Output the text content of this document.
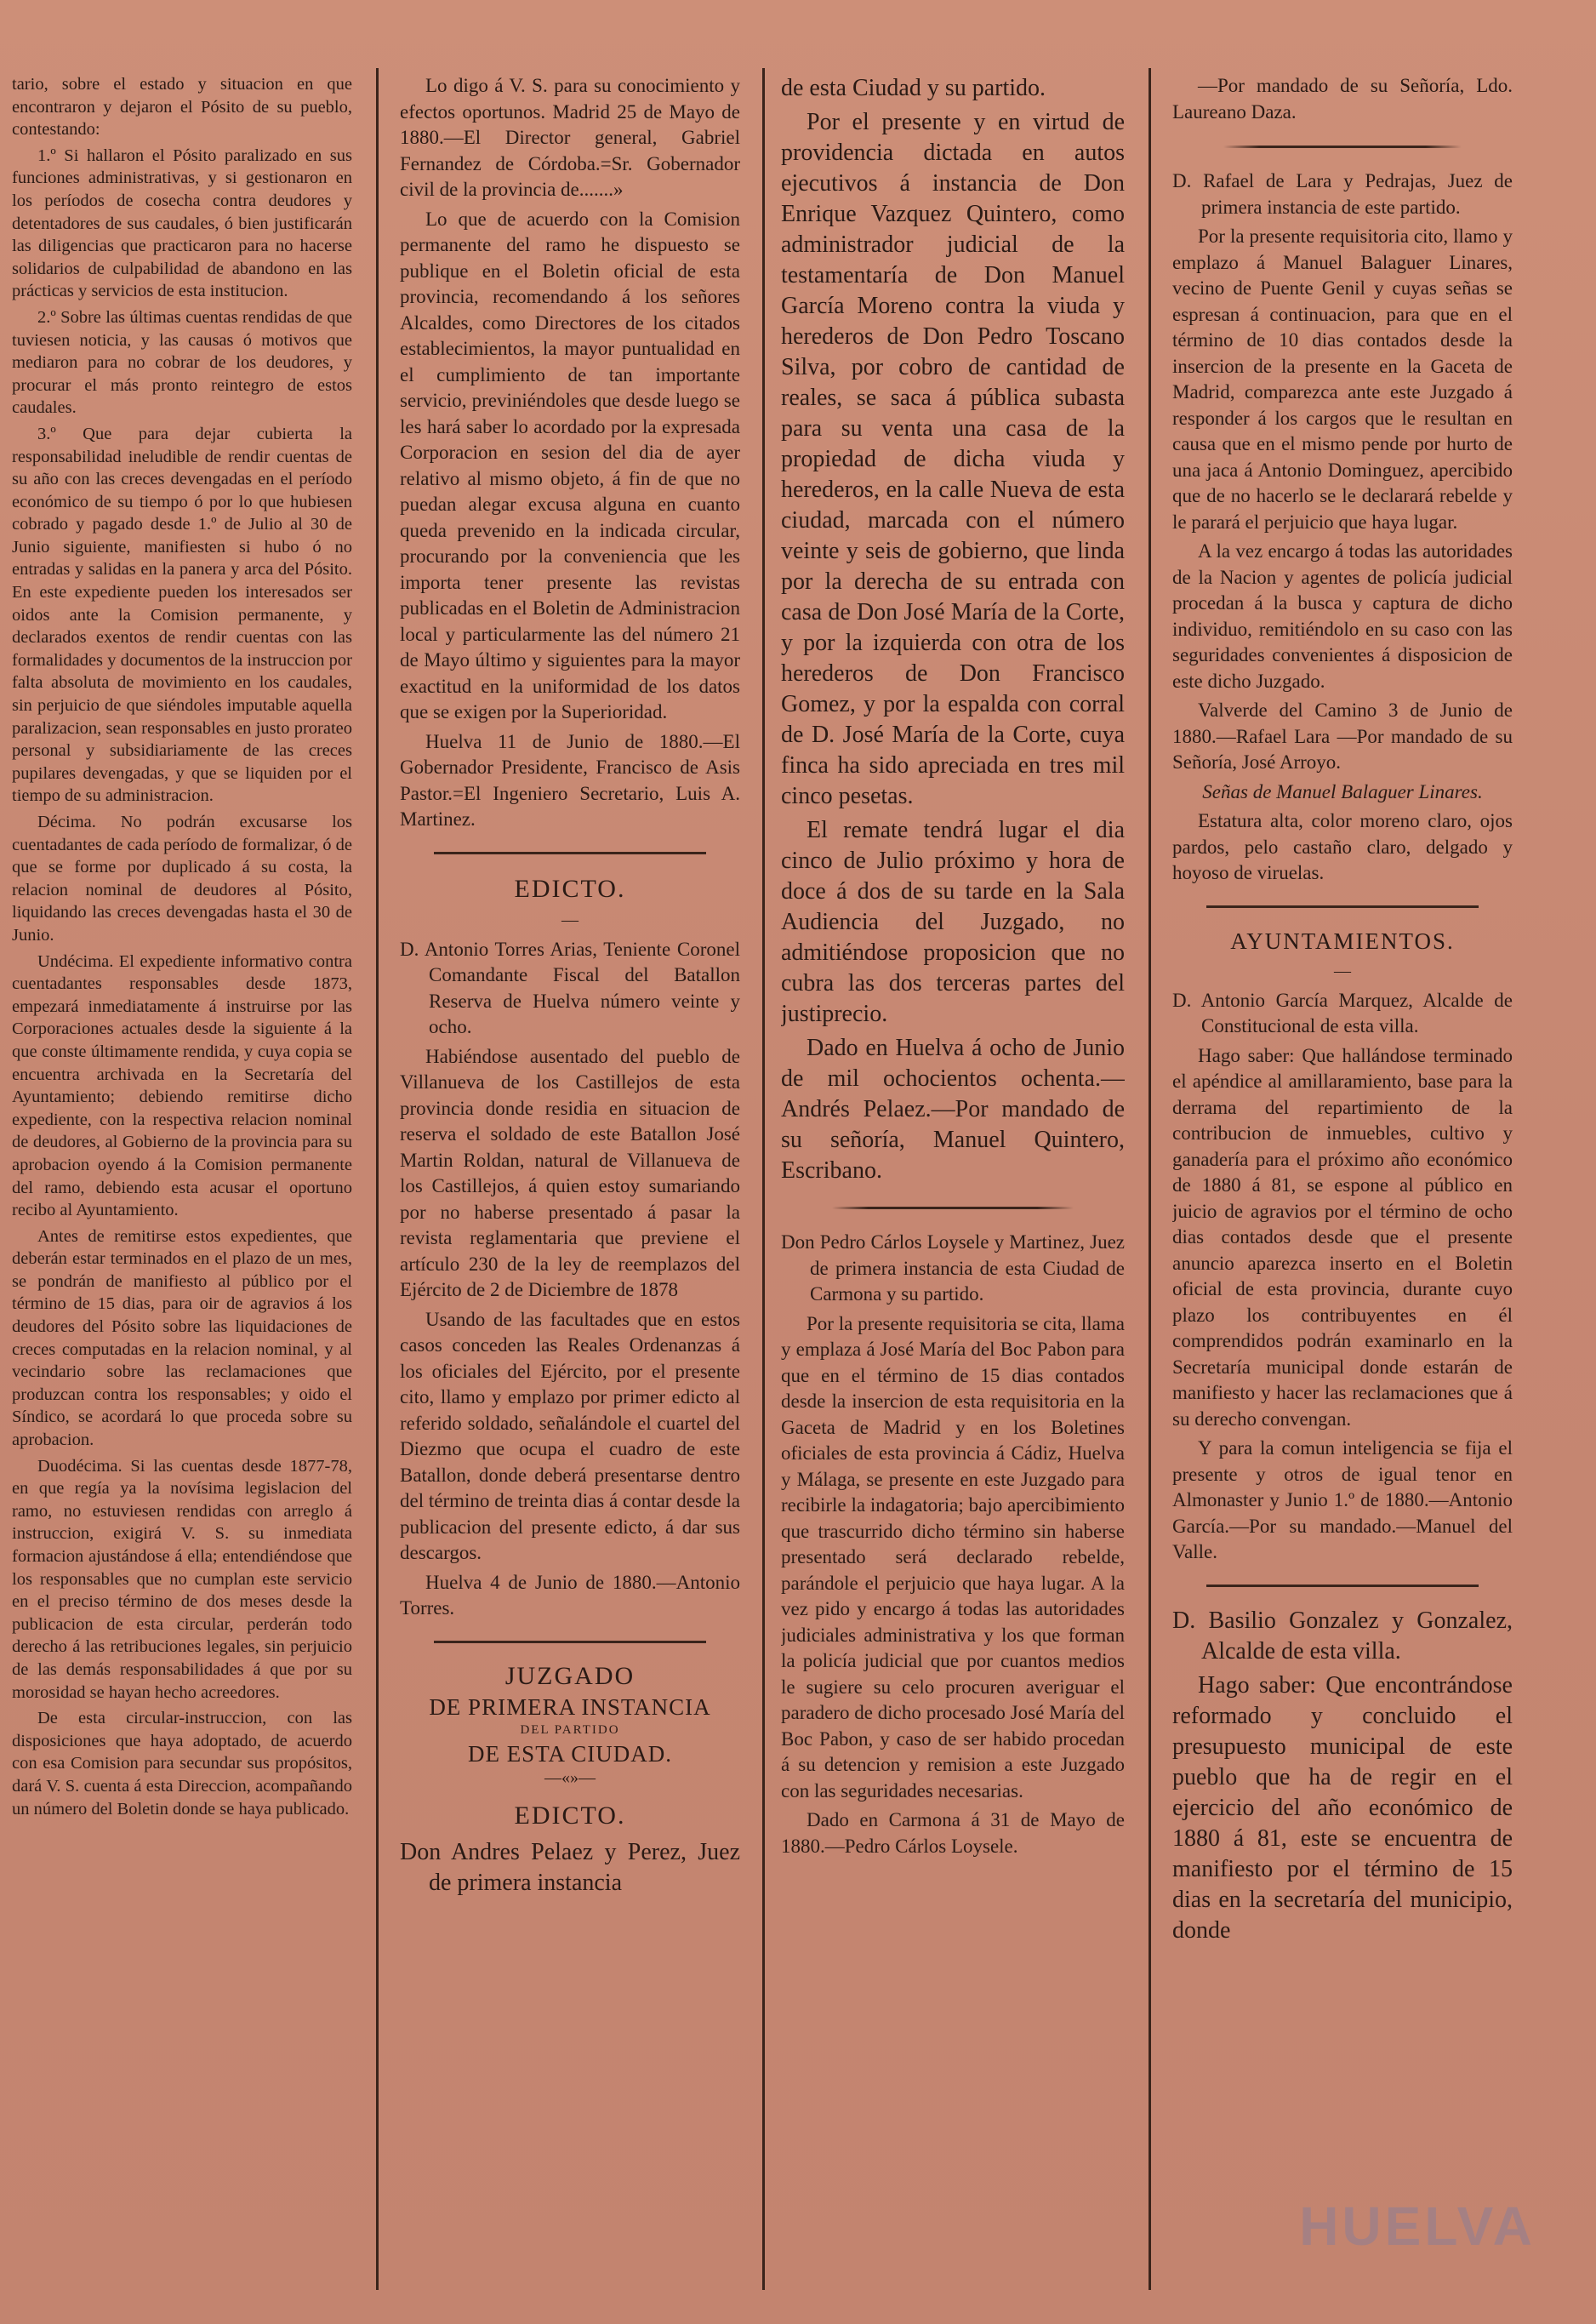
tario, sobre el estado y situacion en que encontraron y dejaron el Pósito de su pueblo, contestando:

1.º Si hallaron el Pósito paralizado en sus funciones administrativas, y si gestionaron en los períodos de cosecha contra deudores y detentadores de sus caudales, ó bien justificarán las diligencias que practicaron para no hacerse solidarios de culpabilidad de abandono en las prácticas y servicios de esta institucion.

2.º Sobre las últimas cuentas rendidas de que tuviesen noticia, y las causas ó motivos que mediaron para no cobrar de los deudores, y procurar el más pronto reintegro de estos caudales.

3.º Que para dejar cubierta la responsabilidad ineludible de rendir cuentas de su año con las creces devengadas en el período económico de su tiempo ó por lo que hubiesen cobrado y pagado desde 1.º de Julio al 30 de Junio siguiente, manifiesten si hubo ó no entradas y salidas en la panera y arca del Pósito. En este expediente pueden los interesados ser oidos ante la Comision permanente, y declarados exentos de rendir cuentas con las formalidades y documentos de la instruccion por falta absoluta de movimiento en los caudales, sin perjuicio de que siéndoles imputable aquella paralizacion, sean responsables en justo prorateo personal y subsidiariamente de las creces pupilares devengadas, y que se liquiden por el tiempo de su administracion.

Décima. No podrán excusarse los cuentadantes de cada período de formalizar, ó de que se forme por duplicado á su costa, la relacion nominal de deudores al Pósito, liquidando las creces devengadas hasta el 30 de Junio.

Undécima. El expediente informativo contra cuentadantes responsables desde 1873, empezará inmediatamente á instruirse por las Corporaciones actuales desde la siguiente á la que conste últimamente rendida, y cuya copia se encuentra archivada en la Secretaría del Ayuntamiento; debiendo remitirse dicho expediente, con la respectiva relacion nominal de deudores, al Gobierno de la provincia para su aprobacion oyendo á la Comision permanente del ramo, debiendo esta acusar el oportuno recibo al Ayuntamiento.

Antes de remitirse estos expedientes, que deberán estar terminados en el plazo de un mes, se pondrán de manifiesto al público por el término de 15 dias, para oir de agravios á los deudores del Pósito sobre las liquidaciones de creces computadas en la relacion nominal, y al vecindario sobre las reclamaciones que produzcan contra los responsables; y oido el Síndico, se acordará lo que proceda sobre su aprobacion.

Duodécima. Si las cuentas desde 1877-78, en que regía ya la novísima legislacion del ramo, no estuviesen rendidas con arreglo á instruccion, exigirá V. S. su inmediata formacion ajustándose á ella; entendiéndose que los responsables que no cumplan este servicio en el preciso término de dos meses desde la publicacion de esta circular, perderán todo derecho á las retribuciones legales, sin perjuicio de las demás responsabilidades á que por su morosidad se hayan hecho acreedores.

De esta circular-instruccion, con las disposiciones que haya adoptado, de acuerdo con esa Comision para secundar sus propósitos, dará V. S. cuenta á esta Direccion, acompañando un número del Boletin donde se haya publicado.

Lo digo á V. S. para su conocimiento y efectos oportunos. Madrid 25 de Mayo de 1880.—El Director general, Gabriel Fernandez de Córdoba.=Sr. Gobernador civil de la provincia de.......»

Lo que de acuerdo con la Comision permanente del ramo he dispuesto se publique en el Boletin oficial de esta provincia, recomendando á los señores Alcaldes, como Directores de los citados establecimientos, la mayor puntualidad en el cumplimiento de tan importante servicio, previniéndoles que desde luego se les hará saber lo acordado por la expresada Corporacion en sesion del dia de ayer relativo al mismo objeto, á fin de que no puedan alegar excusa alguna en cuanto queda prevenido en la indicada circular, procurando por la conveniencia que les importa tener presente las revistas publicadas en el Boletin de Administracion local y particularmente las del número 21 de Mayo último y siguientes para la mayor exactitud en la uniformidad de los datos que se exigen por la Superioridad.

Huelva 11 de Junio de 1880.—El Gobernador Presidente, Francisco de Asis Pastor.=El Ingeniero Secretario, Luis A. Martinez.

EDICTO.
—

D. Antonio Torres Arias, Teniente Coronel Comandante Fiscal del Batallon Reserva de Huelva número veinte y ocho.

Habiéndose ausentado del pueblo de Villanueva de los Castillejos de esta provincia donde residia en situacion de reserva el soldado de este Batallon José Martin Roldan, natural de Villanueva de los Castillejos, á quien estoy sumariando por no haberse presentado á pasar la revista reglamentaria que previene el artículo 230 de la ley de reemplazos del Ejército de 2 de Diciembre de 1878

Usando de las facultades que en estos casos conceden las Reales Ordenanzas á los oficiales del Ejército, por el presente cito, llamo y emplazo por primer edicto al referido soldado, señalándole el cuartel del Diezmo que ocupa el cuadro de este Batallon, donde deberá presentarse dentro del término de treinta dias á contar desde la publicacion del presente edicto, á dar sus descargos.

Huelva 4 de Junio de 1880.—Antonio Torres.

JUZGADO
DE PRIMERA INSTANCIA
DEL PARTIDO
DE ESTA CIUDAD.
—«»—
EDICTO.

Don Andres Pelaez y Perez, Juez de primera instancia

de esta Ciudad y su partido.

Por el presente y en virtud de providencia dictada en autos ejecutivos á instancia de Don Enrique Vazquez Quintero, como administrador judicial de la testamentaría de Don Manuel García Moreno contra la viuda y herederos de Don Pedro Toscano Silva, por cobro de cantidad de reales, se saca á pública subasta para su venta una casa de la propiedad de dicha viuda y herederos, en la calle Nueva de esta ciudad, marcada con el número veinte y seis de gobierno, que linda por la derecha de su entrada con casa de Don José María de la Corte, y por la izquierda con otra de los herederos de Don Francisco Gomez, y por la espalda con corral de D. José María de la Corte, cuya finca ha sido apreciada en tres mil cinco pesetas.

El remate tendrá lugar el dia cinco de Julio próximo y hora de doce á dos de su tarde en la Sala Audiencia del Juzgado, no admitiéndose proposicion que no cubra las dos terceras partes del justiprecio.

Dado en Huelva á ocho de Junio de mil ochocientos ochenta.—Andrés Pelaez.—Por mandado de su señoría, Manuel Quintero, Escribano.

Don Pedro Cárlos Loysele y Martinez, Juez de primera instancia de esta Ciudad de Carmona y su partido.

Por la presente requisitoria se cita, llama y emplaza á José María del Boc Pabon para que en el término de 15 dias contados desde la insercion de esta requisitoria en la Gaceta de Madrid y en los Boletines oficiales de esta provincia á Cádiz, Huelva y Málaga, se presente en este Juzgado para recibirle la indagatoria; bajo apercibimiento que trascurrido dicho término sin haberse presentado será declarado rebelde, parándole el perjuicio que haya lugar. A la vez pido y encargo á todas las autoridades judiciales administrativa y los que forman la policía judicial que por cuantos medios le sugiere su celo procuren averiguar el paradero de dicho procesado José María del Boc Pabon, y caso de ser habido procedan á su detencion y remision a este Juzgado con las seguridades necesarias.

Dado en Carmona á 31 de Mayo de 1880.—Pedro Cárlos Loysele.

—Por mandado de su Señoría, Ldo. Laureano Daza.

D. Rafael de Lara y Pedrajas, Juez de primera instancia de este partido.

Por la presente requisitoria cito, llamo y emplazo á Manuel Balaguer Linares, vecino de Puente Genil y cuyas señas se espresan á continuacion, para que en el término de 10 dias contados desde la insercion de la presente en la Gaceta de Madrid, comparezca ante este Juzgado á responder á los cargos que le resultan en causa que en el mismo pende por hurto de una jaca á Antonio Dominguez, apercibido que de no hacerlo se le declarará rebelde y le parará el perjuicio que haya lugar.

A la vez encargo á todas las autoridades de la Nacion y agentes de policía judicial procedan á la busca y captura de dicho individuo, remitiéndolo en su caso con las seguridades convenientes á disposicion de este dicho Juzgado.

Valverde del Camino 3 de Junio de 1880.—Rafael Lara —Por mandado de su Señoría, José Arroyo.

Señas de Manuel Balaguer Linares.

Estatura alta, color moreno claro, ojos pardos, pelo castaño claro, delgado y hoyoso de viruelas.

AYUNTAMIENTOS.
—

D. Antonio García Marquez, Alcalde de Constitucional de esta villa.

Hago saber: Que hallándose terminado el apéndice al amillaramiento, base para la derrama del repartimiento de la contribucion de inmuebles, cultivo y ganadería para el próximo año económico de 1880 á 81, se espone al público en juicio de agravios por el término de ocho dias contados desde que el presente anuncio aparezca inserto en el Boletin oficial de esta provincia, durante cuyo plazo los contribuyentes en él comprendidos podrán examinarlo en la Secretaría municipal donde estarán de manifiesto y hacer las reclamaciones que á su derecho convengan.

Y para la comun inteligencia se fija el presente y otros de igual tenor en Almonaster y Junio 1.º de 1880.—Antonio García.—Por su mandado.—Manuel del Valle.

D. Basilio Gonzalez y Gonzalez, Alcalde de esta villa.

Hago saber: Que encontrándose reformado y concluido el presupuesto municipal de este pueblo que ha de regir en el ejercicio del año económico de 1880 á 81, este se encuentra de manifiesto por el término de 15 dias en la secretaría del municipio, donde

HUELVA
